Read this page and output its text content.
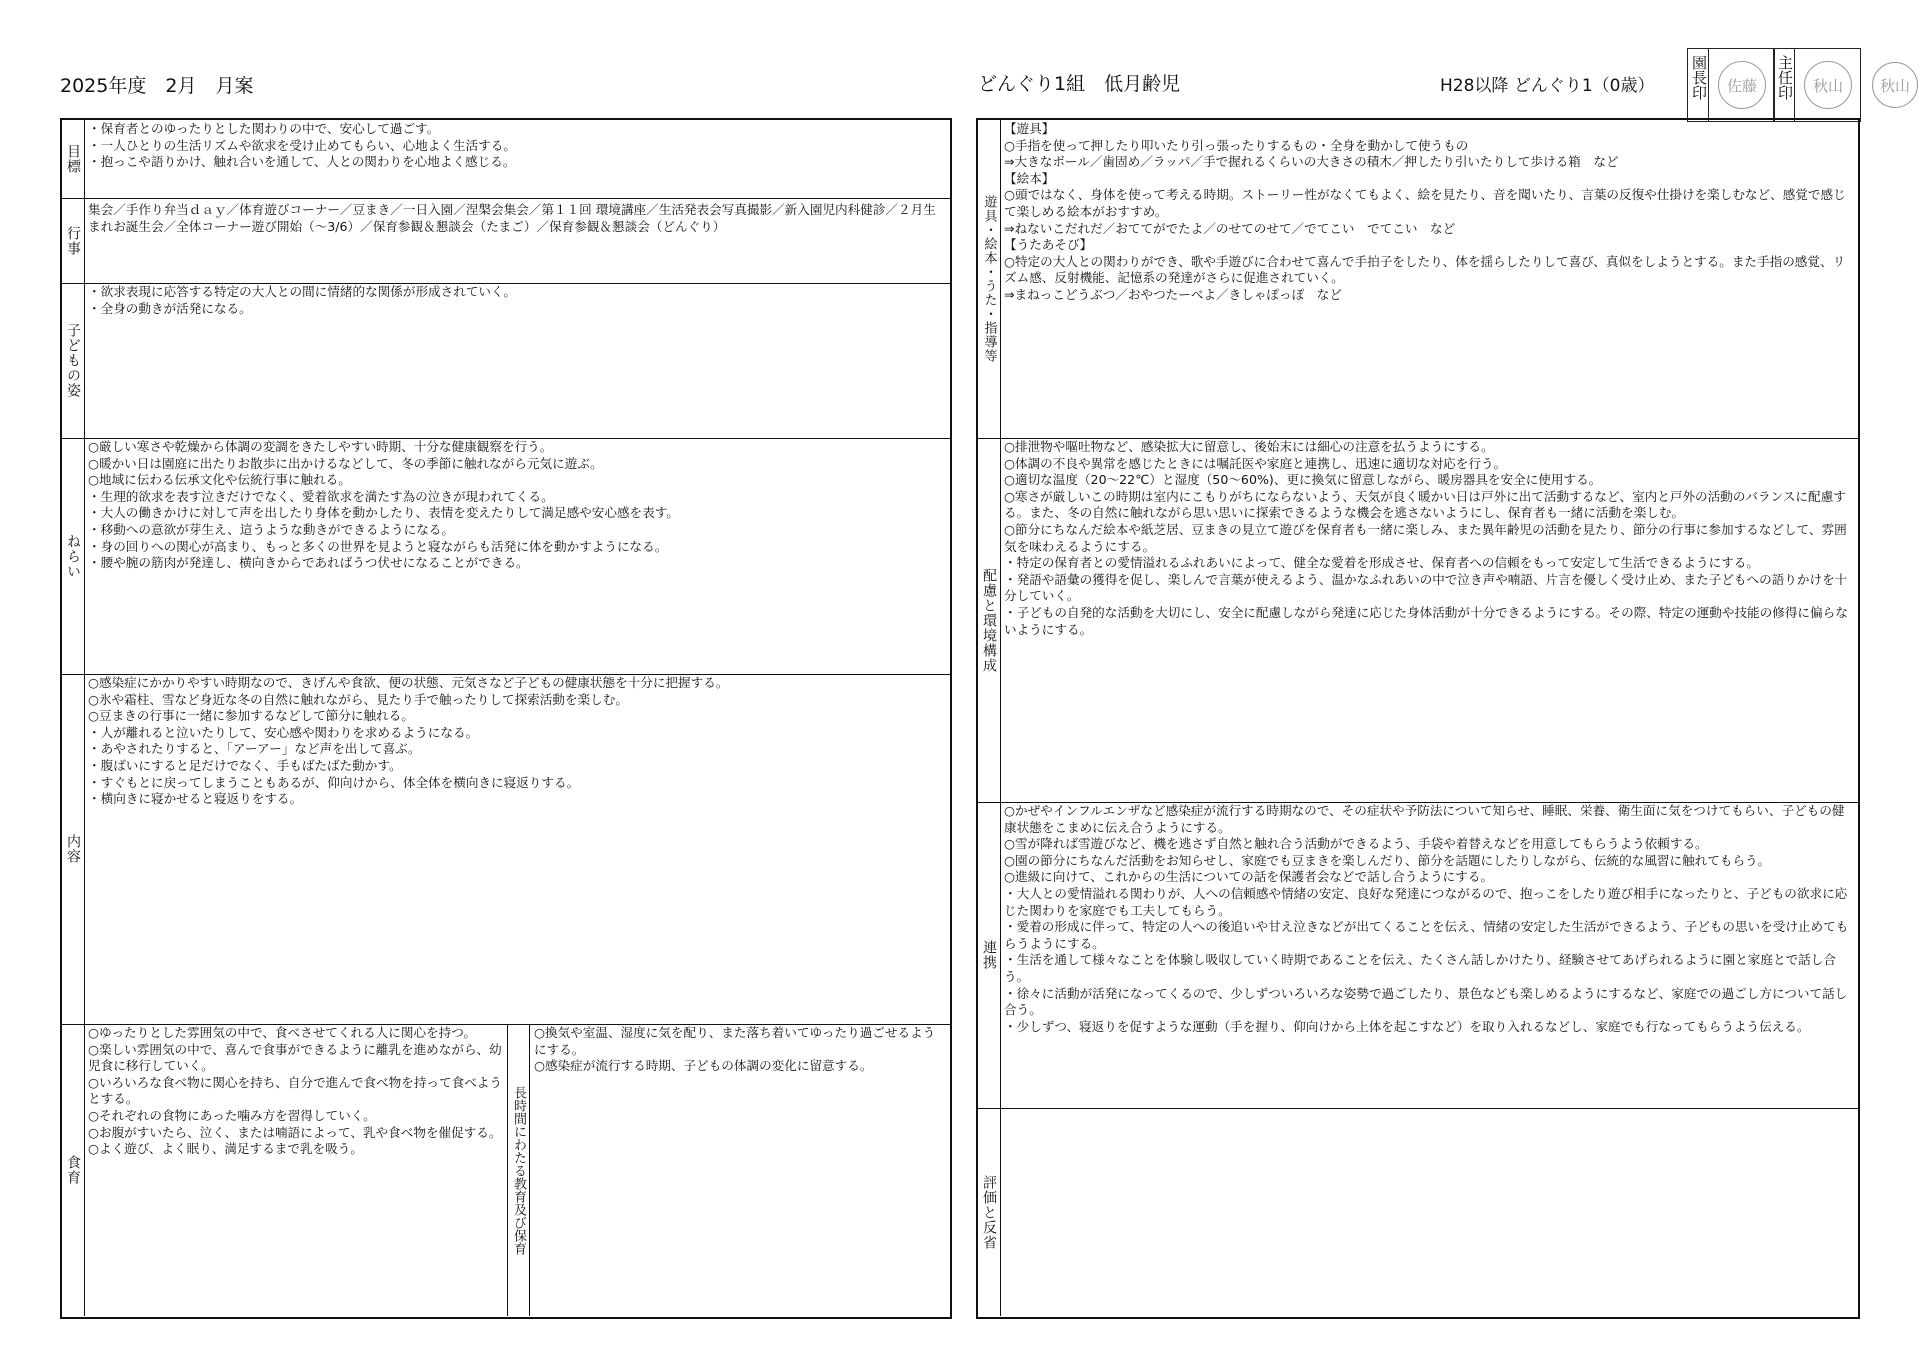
2025年度　2月　月案	どんぐり1組　低月齢児	H28以降 どんぐり1（0歳） 園長印 佐藤 主任印 秋山 秋山
目標
・保育者とのゆったりとした関わりの中で、安心して過ごす。
・一人ひとりの生活リズムや欲求を受け止めてもらい、心地よく生活する。
・抱っこや語りかけ、触れ合いを通して、人との関わりを心地よく感じる。
行事
集会／手作り弁当ｄａｙ／体育遊びコーナー／豆まき／一日入園／涅槃会集会／第１１回 環境講座／生活発表会写真撮影／新入園児内科健診／２月生まれお誕生会／全体コーナー遊び開始（～3/6）／保育参観＆懇談会（たまご）／保育参観＆懇談会（どんぐり）
子どもの姿
・欲求表現に応答する特定の大人との間に情緒的な関係が形成されていく。
・全身の動きが活発になる。
ねらい
○厳しい寒さや乾燥から体調の変調をきたしやすい時期、十分な健康観察を行う。
○暖かい日は園庭に出たりお散歩に出かけるなどして、冬の季節に触れながら元気に遊ぶ。
○地域に伝わる伝承文化や伝統行事に触れる。
・生理的欲求を表す泣きだけでなく、愛着欲求を満たす為の泣きが現われてくる。
・大人の働きかけに対して声を出したり身体を動かしたり、表情を変えたりして満足感や安心感を表す。
・移動への意欲が芽生え、這うような動きができるようになる。
・身の回りへの関心が高まり、もっと多くの世界を見ようと寝ながらも活発に体を動かすようになる。
・腰や腕の筋肉が発達し、横向きからであればうつ伏せになることができる。
内容
○感染症にかかりやすい時期なので、きげんや食欲、便の状態、元気さなど子どもの健康状態を十分に把握する。
○氷や霜柱、雪など身近な冬の自然に触れながら、見たり手で触ったりして探索活動を楽しむ。
○豆まきの行事に一緒に参加するなどして節分に触れる。
・人が離れると泣いたりして、安心感や関わりを求めるようになる。
・あやされたりすると、「アーアー」など声を出して喜ぶ。
・腹ばいにすると足だけでなく、手もばたばた動かす。
・すぐもとに戻ってしまうこともあるが、仰向けから、体全体を横向きに寝返りする。
・横向きに寝かせると寝返りをする。
食育
○ゆったりとした雰囲気の中で、食べさせてくれる人に関心を持つ。
○楽しい雰囲気の中で、喜んで食事ができるように離乳を進めながら、幼児食に移行していく。
○いろいろな食べ物に関心を持ち、自分で進んで食べ物を持って食べようとする。
○それぞれの食物にあった噛み方を習得していく。
○お腹がすいたら、泣く、または喃語によって、乳や食べ物を催促する。
○よく遊び、よく眠り、満足するまで乳を吸う。	長時間にわたる教育及び保育
○換気や室温、湿度に気を配り、また落ち着いてゆったり過ごせるようにする。
○感染症が流行する時期、子どもの体調の変化に留意する。
遊具・絵本・うた・指導等
【遊具】
○手指を使って押したり叩いたり引っ張ったりするもの・全身を動かして使うもの
⇒大きなボール／歯固め／ラッパ／手で握れるくらいの大きさの積木／押したり引いたりして歩ける箱　など
【絵本】
○頭ではなく、身体を使って考える時期。ストーリー性がなくてもよく、絵を見たり、音を聞いたり、言葉の反復や仕掛けを楽しむなど、感覚で感じて楽しめる絵本がおすすめ。
⇒ねないこだれだ／おててがでたよ／のせてのせて／でてこい　でてこい　など
【うたあそび】
○特定の大人との関わりができ、歌や手遊びに合わせて喜んで手拍子をしたり、体を揺らしたりして喜び、真似をしようとする。また手指の感覚、リズム感、反射機能、記憶系の発達がさらに促進されていく。
⇒まねっこどうぶつ／おやつたーべよ／きしゃぽっぽ　など
配慮と環境構成
○排泄物や嘔吐物など、感染拡大に留意し、後始末には細心の注意を払うようにする。
○体調の不良や異常を感じたときには嘱託医や家庭と連携し、迅速に適切な対応を行う。
○適切な温度（20～22℃）と湿度（50～60%)、更に換気に留意しながら、暖房器具を安全に使用する。
○寒さが厳しいこの時期は室内にこもりがちにならないよう、天気が良く暖かい日は戸外に出て活動するなど、室内と戸外の活動のバランスに配慮する。また、冬の自然に触れながら思い思いに探索できるような機会を逃さないようにし、保育者も一緒に活動を楽しむ。
○節分にちなんだ絵本や紙芝居、豆まきの見立て遊びを保育者も一緒に楽しみ、また異年齢児の活動を見たり、節分の行事に参加するなどして、雰囲気を味わえるようにする。
・特定の保育者との愛情溢れるふれあいによって、健全な愛着を形成させ、保育者への信頼をもって安定して生活できるようにする。
・発語や語彙の獲得を促し、楽しんで言葉が使えるよう、温かなふれあいの中で泣き声や喃語、片言を優しく受け止め、また子どもへの語りかけを十分していく。
・子どもの自発的な活動を大切にし、安全に配慮しながら発達に応じた身体活動が十分できるようにする。その際、特定の運動や技能の修得に偏らないようにする。
連携
○かぜやインフルエンザなど感染症が流行する時期なので、その症状や予防法について知らせ、睡眠、栄養、衛生面に気をつけてもらい、子どもの健康状態をこまめに伝え合うようにする。
○雪が降れば雪遊びなど、機を逃さず自然と触れ合う活動ができるよう、手袋や着替えなどを用意してもらうよう依頼する。
○園の節分にちなんだ活動をお知らせし、家庭でも豆まきを楽しんだり、節分を話題にしたりしながら、伝統的な風習に触れてもらう。
○進級に向けて、これからの生活についての話を保護者会などで話し合うようにする。
・大人との愛情溢れる関わりが、人への信頼感や情緒の安定、良好な発達につながるので、抱っこをしたり遊び相手になったりと、子どもの欲求に応じた関わりを家庭でも工夫してもらう。
・愛着の形成に伴って、特定の人への後追いや甘え泣きなどが出てくることを伝え、情緒の安定した生活ができるよう、子どもの思いを受け止めてもらうようにする。
・生活を通して様々なことを体験し吸収していく時期であることを伝え、たくさん話しかけたり、経験させてあげられるように園と家庭とで話し合う。
・徐々に活動が活発になってくるので、少しずついろいろな姿勢で過ごしたり、景色なども楽しめるようにするなど、家庭での過ごし方について話し合う。
・少しずつ、寝返りを促すような運動（手を握り、仰向けから上体を起こすなど）を取り入れるなどし、家庭でも行なってもらうよう伝える。
評価と反省
